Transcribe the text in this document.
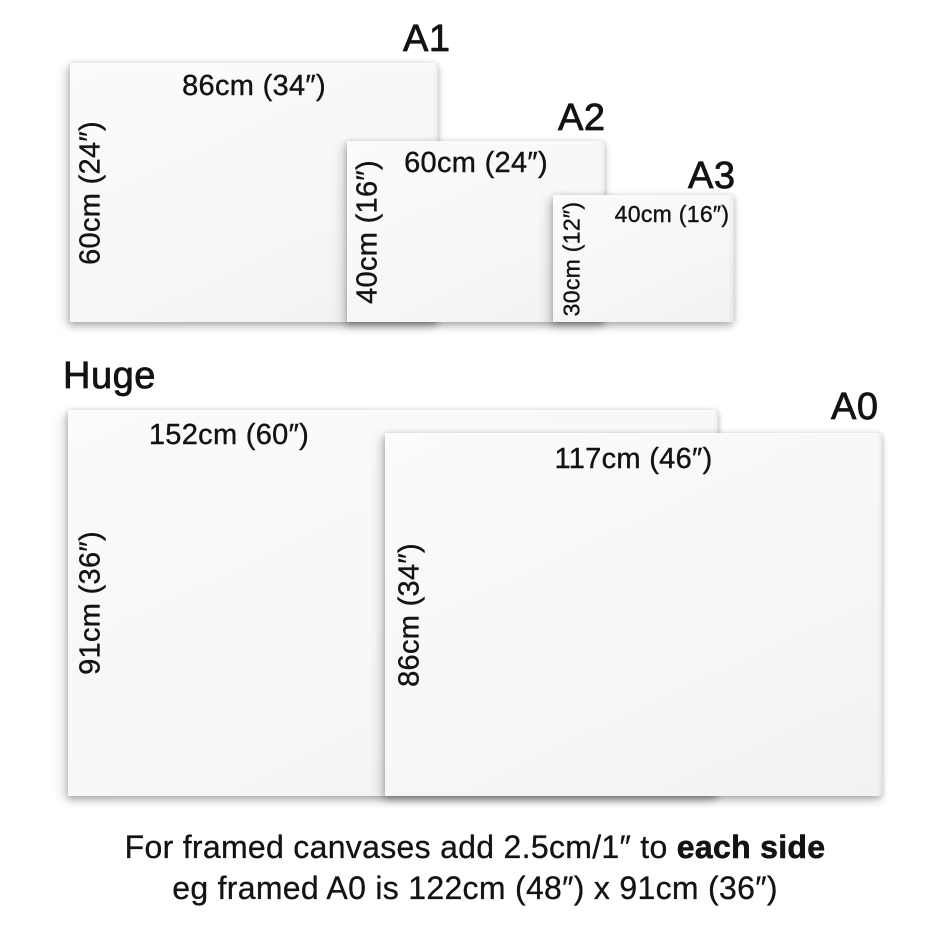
86cm (34″)
60cm (24″)	60cm (24″)
40cm (16″)	40cm (16″)
30cm (12″)
A1
A2
A3
Huge
152cm (60″)
91cm (36″)
117cm (46″)
86cm (34″)
A0
For framed canvases add 2.5cm/1″ to each side
eg framed A0 is 122cm (48″) x 91cm (36″)
